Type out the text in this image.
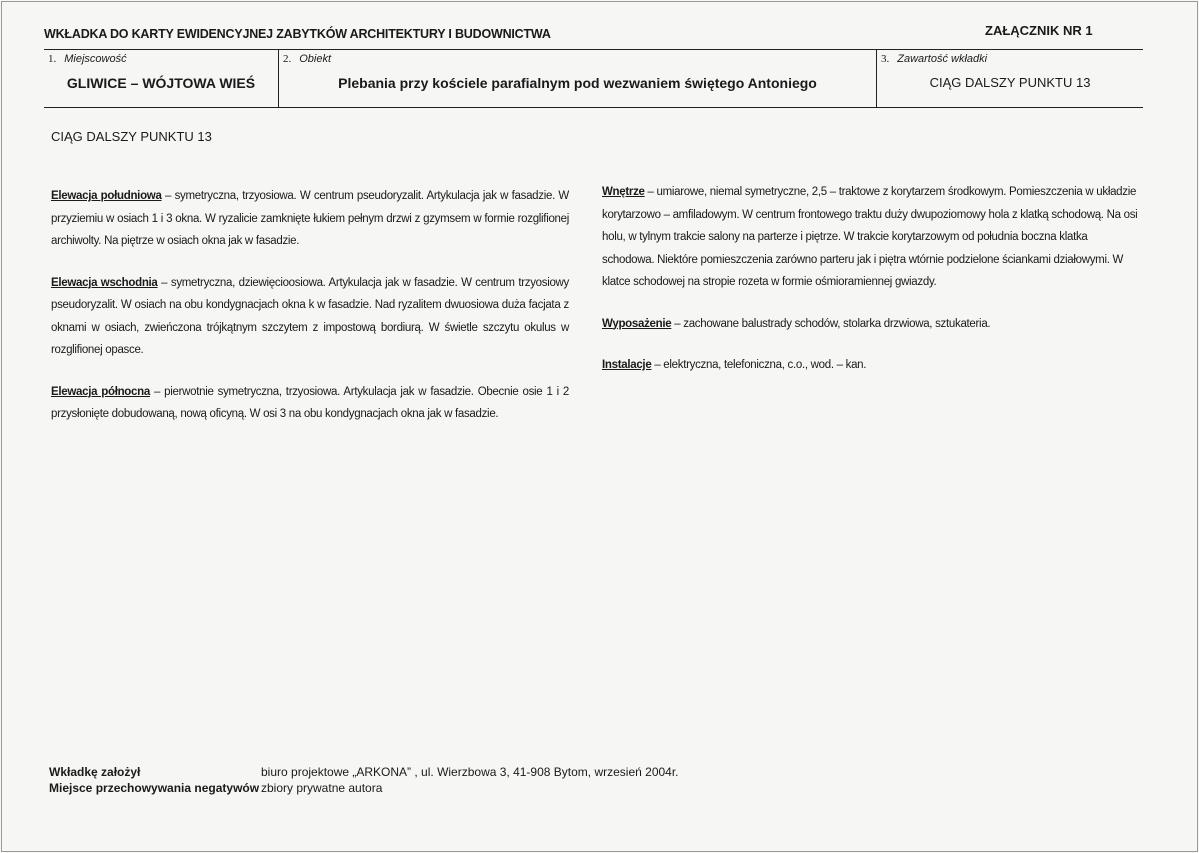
WKŁADKA DO KARTY EWIDENCYJNEJ ZABYTKÓW ARCHITEKTURY I BUDOWNICTWA	ZAŁĄCZNIK NR 1
1. Miejscowość
GLIWICE – WÓJTOWA WIEŚ
2. Obiekt
Plebania przy kościele parafialnym pod wezwaniem świętego Antoniego
3. Zawartość wkładki
CIĄG DALSZY PUNKTU 13
CIĄG DALSZY PUNKTU 13

Elewacja południowa – symetryczna, trzyosiowa. W centrum pseudoryzalit. Artykulacja jak w fasadzie. W przyziemiu w osiach 1 i 3 okna. W ryzalicie zamknięte łukiem pełnym drzwi z gzymsem w formie rozglifionej archiwolty. Na piętrze w osiach okna jak w fasadzie.

Elewacja wschodnia – symetryczna, dziewięcioosiowa. Artykulacja jak w fasadzie. W centrum trzyosiowy pseudoryzalit. W osiach na obu kondygnacjach okna k w fasadzie. Nad ryzalitem dwuosiowa duża facjata z oknami w osiach, zwieńczona trójkątnym szczytem z impostową bordiurą. W świetle szczytu okulus w rozglifionej opasce.

Elewacja północna – pierwotnie symetryczna, trzyosiowa. Artykulacja jak w fasadzie. Obecnie osie 1 i 2 przysłonięte dobudowaną, nową oficyną. W osi 3 na obu kondygnacjach okna jak w fasadzie.

Wnętrze – umiarowe, niemal symetryczne, 2,5 – traktowe z korytarzem środkowym. Pomieszczenia w układzie korytarzowo – amfiladowym. W centrum frontowego traktu duży dwupoziomowy hola z klatką schodową. Na osi holu, w tylnym trakcie salony na parterze i piętrze. W trakcie korytarzowym od południa boczna klatka schodowa. Niektóre pomieszczenia zarówno parteru jak i piętra wtórnie podzielone ściankami działowymi. W klatce schodowej na stropie rozeta w formie ośmioramiennej gwiazdy.

Wyposażenie – zachowane balustrady schodów, stolarka drzwiowa, sztukateria.

Instalacje – elektryczna, telefoniczna, c.o., wod. – kan.

Wkładkę założył
Miejsce przechowywania negatywów
biuro projektowe „ARKONA” , ul. Wierzbowa 3, 41-908 Bytom, wrzesień 2004r.
zbiory prywatne autora
